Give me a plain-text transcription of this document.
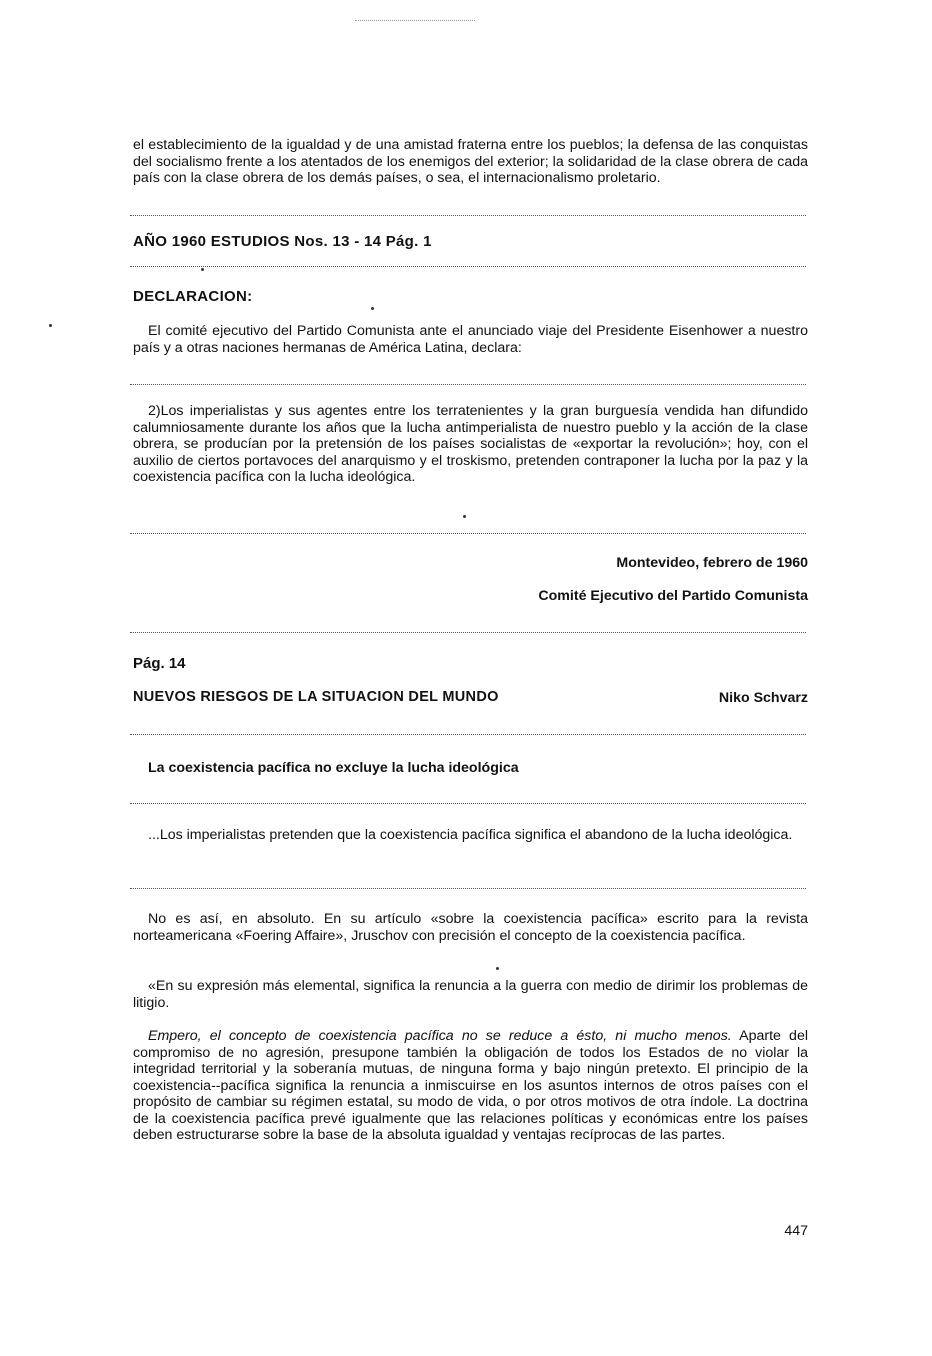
el establecimiento de la igualdad y de una amistad fraterna entre los pueblos; la defensa de las conquistas del socialismo frente a los atentados de los enemigos del exterior; la solidaridad de la clase obrera de cada país con la clase obrera de los demás países, o sea, el internacionalismo proletario.
AÑO 1960 ESTUDIOS Nos. 13 - 14 Pág. 1
DECLARACION:
El comité ejecutivo del Partido Comunista ante el anunciado viaje del Presidente Eisenhower a nuestro país y a otras naciones hermanas de América Latina, declara:
2)Los imperialistas y sus agentes entre los terratenientes y la gran burguesía vendida han difundido calumniosamente durante los años que la lucha antimperialista de nuestro pueblo y la acción de la clase obrera, se producían por la pretensión de los países socialistas de «exportar la revolución»; hoy, con el auxilio de ciertos portavoces del anarquismo y el troskismo, pretenden contraponer la lucha por la paz y la coexistencia pacífica con la lucha ideológica.
Montevideo, febrero de 1960
Comité Ejecutivo del Partido Comunista
Pág. 14
NUEVOS RIESGOS DE LA SITUACION DEL MUNDO	Niko Schvarz
La coexistencia pacífica no excluye la lucha ideológica
...Los imperialistas pretenden que la coexistencia pacífica significa el abandono de la lucha ideológica.
No es así, en absoluto. En su artículo «sobre la coexistencia pacífica» escrito para la revista norteamericana «Foering Affaire», Jruschov con precisión el concepto de la coexistencia pacífica.
«En su expresión más elemental, significa la renuncia a la guerra con medio de dirimir los problemas de litigio.
Empero, el concepto de coexistencia pacífica no se reduce a ésto, ni mucho menos. Aparte del compromiso de no agresión, presupone también la obligación de todos los Estados de no violar la integridad territorial y la soberanía mutuas, de ninguna forma y bajo ningún pretexto. El principio de la coexistencia--pacífica significa la renuncia a inmiscuirse en los asuntos internos de otros países con el propósito de cambiar su régimen estatal, su modo de vida, o por otros motivos de otra índole. La doctrina de la coexistencia pacífica prevé igualmente que las relaciones políticas y económicas entre los países deben estructurarse sobre la base de la absoluta igualdad y ventajas recíprocas de las partes.
447
